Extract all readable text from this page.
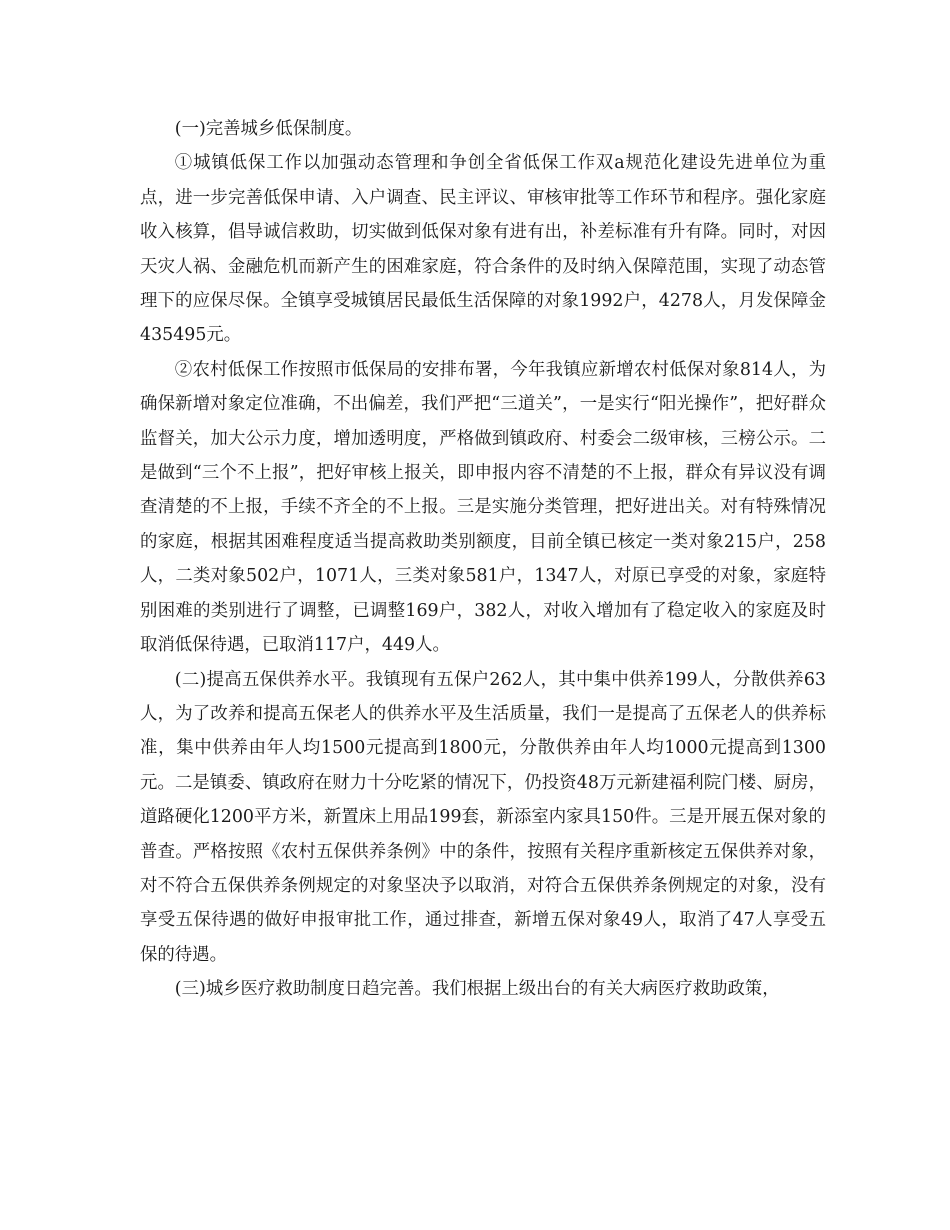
(一)完善城乡低保制度。

①城镇低保工作以加强动态管理和争创全省低保工作双a规范化建设先进单位为重点，进一步完善低保申请、入户调查、民主评议、审核审批等工作环节和程序。强化家庭收入核算，倡导诚信救助，切实做到低保对象有进有出，补差标准有升有降。同时，对因天灾人祸、金融危机而新产生的困难家庭，符合条件的及时纳入保障范围，实现了动态管理下的应保尽保。全镇享受城镇居民最低生活保障的对象1992户，4278人，月发保障金435495元。

②农村低保工作按照市低保局的安排布署，今年我镇应新增农村低保对象814人，为确保新增对象定位准确，不出偏差，我们严把“三道关”，一是实行“阳光操作”，把好群众监督关，加大公示力度，增加透明度，严格做到镇政府、村委会二级审核，三榜公示。二是做到“三个不上报”，把好审核上报关，即申报内容不清楚的不上报，群众有异议没有调查清楚的不上报，手续不齐全的不上报。三是实施分类管理，把好进出关。对有特殊情况的家庭，根据其困难程度适当提高救助类别额度，目前全镇已核定一类对象215户，258人，二类对象502户，1071人，三类对象581户，1347人，对原已享受的对象，家庭特别困难的类别进行了调整，已调整169户，382人，对收入增加有了稳定收入的家庭及时取消低保待遇，已取消117户，449人。

(二)提高五保供养水平。我镇现有五保户262人，其中集中供养199人，分散供养63人，为了改养和提高五保老人的供养水平及生活质量，我们一是提高了五保老人的供养标准，集中供养由年人均1500元提高到1800元，分散供养由年人均1000元提高到1300元。二是镇委、镇政府在财力十分吃紧的情况下，仍投资48万元新建福利院门楼、厨房，道路硬化1200平方米，新置床上用品199套，新添室内家具150件。三是开展五保对象的普查。严格按照《农村五保供养条例》中的条件，按照有关程序重新核定五保供养对象，对不符合五保供养条例规定的对象坚决予以取消，对符合五保供养条例规定的对象，没有享受五保待遇的做好申报审批工作，通过排查，新增五保对象49人，取消了47人享受五保的待遇。

(三)城乡医疗救助制度日趋完善。我们根据上级出台的有关大病医疗救助政策，
